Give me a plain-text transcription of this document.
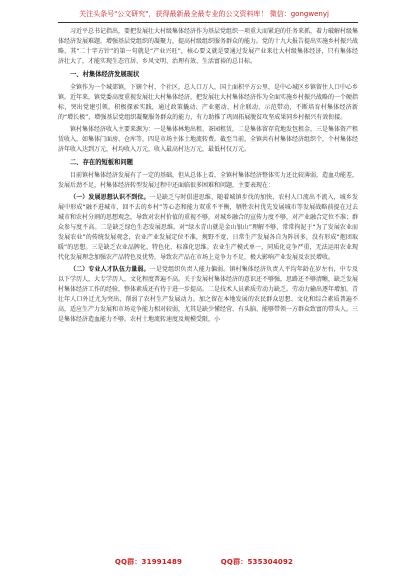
关注头条号"公文研究"，获得最新最全最专业的公文资料库！ 微信：gongwenyj

习近平总书记指出，要把发展壮大村级集体经济作为基层党组织一项重大而紧迫的任务来抓，着力破解村级集体经济发展难题，增强基层党组织的凝聚力，提高村级组织服务群众的能力。党的十九大报告提出实施乡村振兴战略，其“二十字方针”的第一句就是“产业兴旺”，核心要义就是要通过发展产业来壮大村级集体经济，只有集体经济壮大了，才能实现生态宜居、乡风文明、治理有效、生活富裕的总目标。

一、村集体经济发展现状

全镇作为一个城郊镇，下辖个村、个社区，总人口万人，国土面积平方公里，是中心城区乡镇留住人口中心乡镇。近年来，镇党委高度重视发展壮大村集体经济，把发展壮大村集体经济作为全面实施乡村振兴战略的一个硬指标，突出党建引领，积极探索实践，通过政策撬动、产业驱动、村企联动、示范带动，不断培育村集体经济新的“增长极”，增强基层党组织凝聚服务群众的能力，有力助推了巩固拓展脱贫攻坚成果同乡村振兴有效衔接。

镇村集体经济收入主要来源为：一是集体林地出租、茶园租赁，二是集体留存荒地发包租金，三是集体资产租赁收入，如集体门面房、仓库等，四是市场主体土地流转费。截至当前，全镇共有村集体经济组织个，个村集体经济年收入达到万元，村均收入万元，收入最高村达万元，最低村仅万元。

二、存在的短板和问题

目前镇村集体经济发展有了一定的基础，但从总体上看，全镇村集体经济整体实力还比较薄弱，造血功能差，发展后劲不足，村集体经济转型发展过程中还面临很多困难和问题，主要表现在：

（一）发展思想认识不到位。一是缺乏与时俱进思维、随着城镇步伐的加快，农村人口流出不流入，城乡发展中形成“融不进城市，回不去的乡村”等心态和能力双重不平衡，牺牲农村优先发展城市等发展战略前提在过去城市和农村分割的思想观念，导致对农村价值的重视不够，对城乡融合的宣传力度不够，对产业融合定位不准；群众参与度不高。二是缺乏绿色生态发展思维。对“绿水青山就是金山银山”理解不够，常常拘泥于“为了发展农业而发展农业”的传统发展观念，农业产业发展定位不准，规野不宽，日常生产发展各自为阵居多，没有形成“抱团取暖”的思想。三是缺乏农业品牌化、特色化、标准化思维。农业生产模式单一，同质化竞争严重，无法运用农业现代化发展理念加强农产品特色及优势，导致农产品在市场上竞争力不足，极大影响产业发展及农民增收。

（二）专业人才队伍力量弱。一是党组织负责人能力偏弱。镇村集体经济负责人平均年龄在岁左右，中专及以下学历人，大专学历人，文化程度普遍不高。关于发展村集体经济的意识还不够强，思路还不够清晰，缺乏发展村集体经济工作的经验，整体素质还有待于进一步提高。二是技术人员素质劳动力缺乏。劳动力输出逐年增加，青壮年人口外迁尤为突出，削弱了农村生产发展动力。加之留在本地发展的农民群众思想、文化和综合素质普遍不高，适应生产力发展和市场竞争能力相对较弱，尤其是缺少懂经营、有头脑、能够带领一方群众致富的带头人。三是集体经济造血能力不够。农村土地流转速度及规模受限，小

QQ群：31991489	QQ群：535304092
